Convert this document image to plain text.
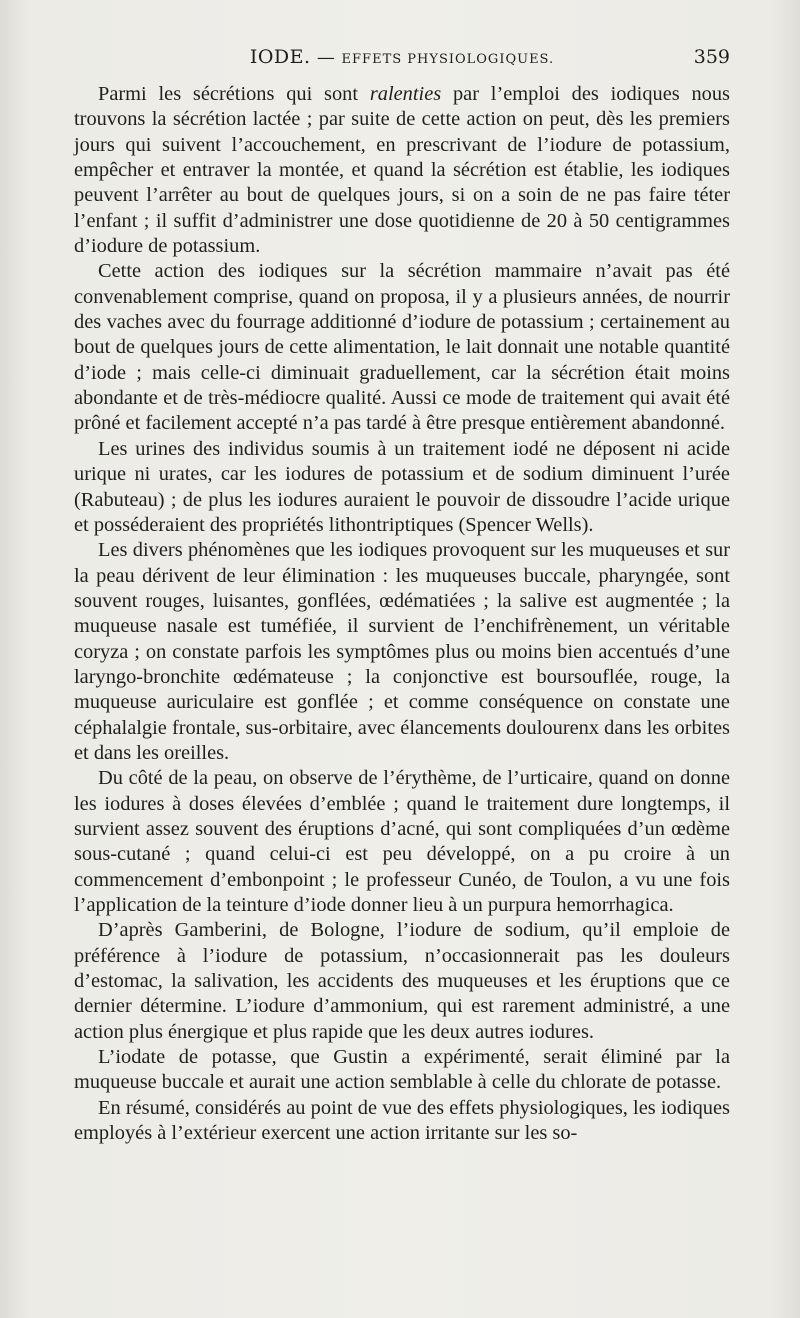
IODE. — EFFETS PHYSIOLOGIQUES.	359

Parmi les sécrétions qui sont ralenties par l’emploi des iodiques nous trouvons la sécrétion lactée ; par suite de cette action on peut, dès les premiers jours qui suivent l’accouchement, en prescrivant de l’iodure de potassium, empêcher et entraver la montée, et quand la sécrétion est établie, les iodiques peuvent l’arrêter au bout de quelques jours, si on a soin de ne pas faire téter l’enfant ; il suffit d’administrer une dose quotidienne de 20 à 50 centigrammes d’iodure de potassium.

Cette action des iodiques sur la sécrétion mammaire n’avait pas été convenablement comprise, quand on proposa, il y a plusieurs années, de nourrir des vaches avec du fourrage additionné d’iodure de potassium ; certainement au bout de quelques jours de cette alimentation, le lait donnait une notable quantité d’iode ; mais celle-ci diminuait graduellement, car la sécrétion était moins abondante et de très-médiocre qualité. Aussi ce mode de traitement qui avait été prôné et facilement accepté n’a pas tardé à être presque entièrement abandonné.

Les urines des individus soumis à un traitement iodé ne déposent ni acide urique ni urates, car les iodures de potassium et de sodium diminuent l’urée (Rabuteau) ; de plus les iodures auraient le pouvoir de dissoudre l’acide urique et posséderaient des propriétés lithontriptiques (Spencer Wells).

Les divers phénomènes que les iodiques provoquent sur les muqueuses et sur la peau dérivent de leur élimination : les muqueuses buccale, pharyngée, sont souvent rouges, luisantes, gonflées, œdématiées ; la salive est augmentée ; la muqueuse nasale est tuméfiée, il survient de l’enchifrènement, un véritable coryza ; on constate parfois les symptômes plus ou moins bien accentués d’une laryngo-bronchite œdémateuse ; la conjonctive est boursouflée, rouge, la muqueuse auriculaire est gonflée ; et comme conséquence on constate une céphalalgie frontale, sus-orbitaire, avec élancements doulourenx dans les orbites et dans les oreilles.

Du côté de la peau, on observe de l’érythème, de l’urticaire, quand on donne les iodures à doses élevées d’emblée ; quand le traitement dure longtemps, il survient assez souvent des éruptions d’acné, qui sont compliquées d’un œdème sous-cutané ; quand celui-ci est peu développé, on a pu croire à un commencement d’embonpoint ; le professeur Cunéo, de Toulon, a vu une fois l’application de la teinture d’iode donner lieu à un purpura hemorrhagica.

D’après Gamberini, de Bologne, l’iodure de sodium, qu’il emploie de préférence à l’iodure de potassium, n’occasionnerait pas les douleurs d’estomac, la salivation, les accidents des muqueuses et les éruptions que ce dernier détermine. L’iodure d’ammonium, qui est rarement administré, a une action plus énergique et plus rapide que les deux autres iodures.

L’iodate de potasse, que Gustin a expérimenté, serait éliminé par la muqueuse buccale et aurait une action semblable à celle du chlorate de potasse.

En résumé, considérés au point de vue des effets physiologiques, les iodiques employés à l’extérieur exercent une action irritante sur les so-
